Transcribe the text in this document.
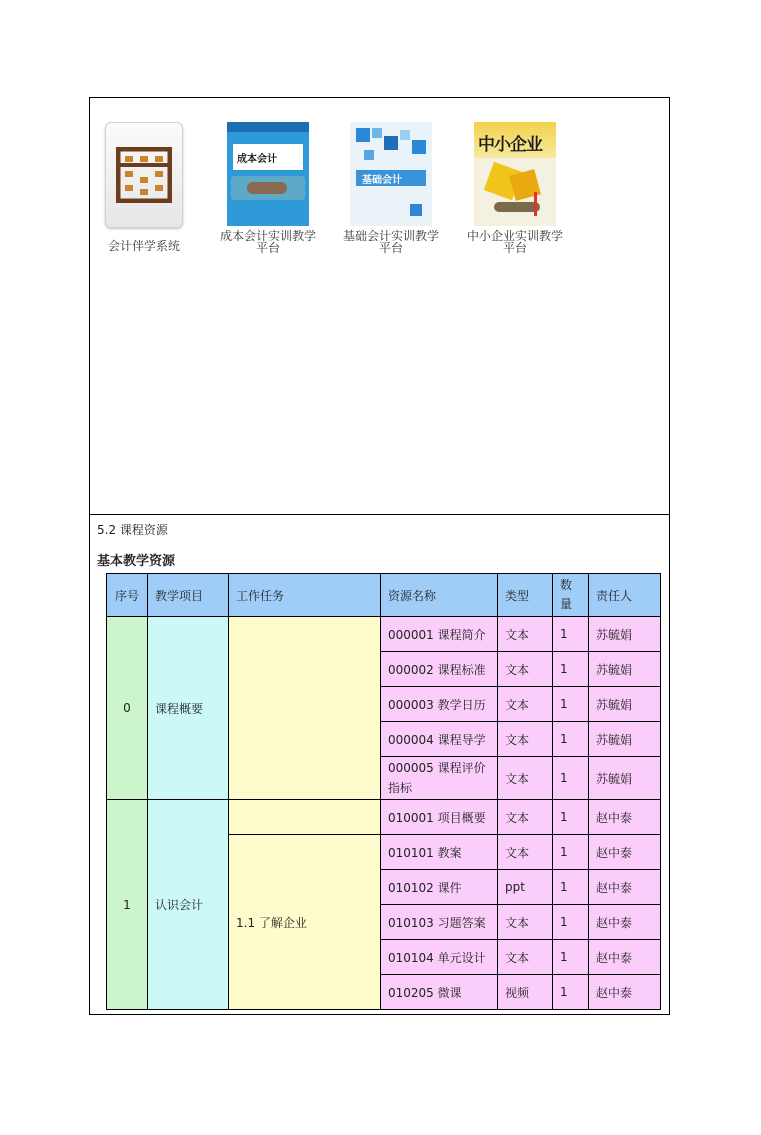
会计伴学系统
成本会计
成本会计实训教学
平台
基础会计
基础会计实训教学
平台
中小企业
中小企业实训教学
平台
5.2 课程资源
基本教学资源
序号	教学项目	工作任务	资源名称	类型	数
量	责任人
0	课程概要		000001 课程简介	文本	1	苏毓娟
			000002 课程标准	文本	1	苏毓娟
			000003 教学日历	文本	1	苏毓娟
			000004 课程导学	文本	1	苏毓娟

			000005 课程评价
指标	文本	1	苏毓娟
1	认识会计		010001 项目概要	文本	1	赵中泰
		1.1 了解企业	010101 教案	文本	1	赵中泰
			010102 课件	ppt	1	赵中泰
			010103 习题答案	文本	1	赵中泰
			010104 单元设计	文本	1	赵中泰
			010205 微课	视频	1	赵中泰
